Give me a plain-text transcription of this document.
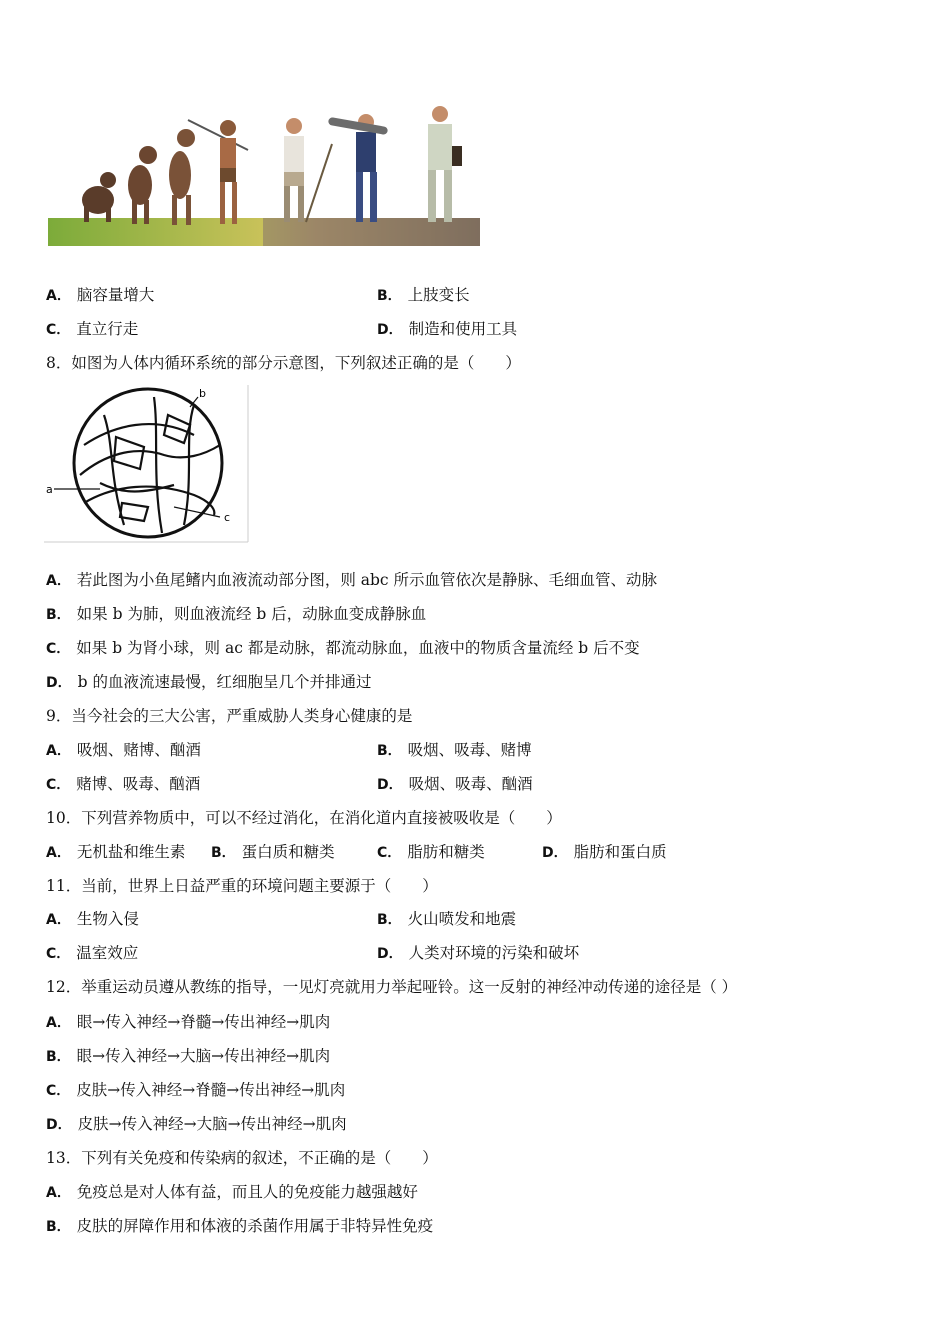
A． 脑容量增大	B． 上肢变长
C． 直立行走	D． 制造和使用工具
8．如图为人体内循环系统的部分示意图，下列叙述正确的是（　　）
a
b
c
A． 若此图为小鱼尾鳍内血液流动部分图，则 abc 所示血管依次是静脉、毛细血管、动脉
B． 如果 b 为肺，则血液流经 b 后，动脉血变成静脉血
C． 如果 b 为肾小球，则 ac 都是动脉，都流动脉血，血液中的物质含量流经 b 后不变
D． b 的血液流速最慢，红细胞呈几个并排通过
9．当今社会的三大公害，严重威胁人类身心健康的是
A． 吸烟、赌博、酗酒	B． 吸烟、吸毒、赌博
C． 赌博、吸毒、酗酒	D． 吸烟、吸毒、酗酒
10．下列营养物质中，可以不经过消化，在消化道内直接被吸收是（　　）
A． 无机盐和维生素 B． 蛋白质和糖类	C． 脂肪和糖类	D． 脂肪和蛋白质
11．当前，世界上日益严重的环境问题主要源于（　　）
A． 生物入侵	B． 火山喷发和地震
C． 温室效应	D． 人类对环境的污染和破坏
12．举重运动员遵从教练的指导，一见灯亮就用力举起哑铃。这一反射的神经冲动传递的途径是（ ）
A． 眼→传入神经→脊髓→传出神经→肌肉
B． 眼→传入神经→大脑→传出神经→肌肉
C． 皮肤→传入神经→脊髓→传出神经→肌肉
D． 皮肤→传入神经→大脑→传出神经→肌肉
13．下列有关免疫和传染病的叙述，不正确的是（　　）
A． 免疫总是对人体有益，而且人的免疫能力越强越好
B． 皮肤的屏障作用和体液的杀菌作用属于非特异性免疫
